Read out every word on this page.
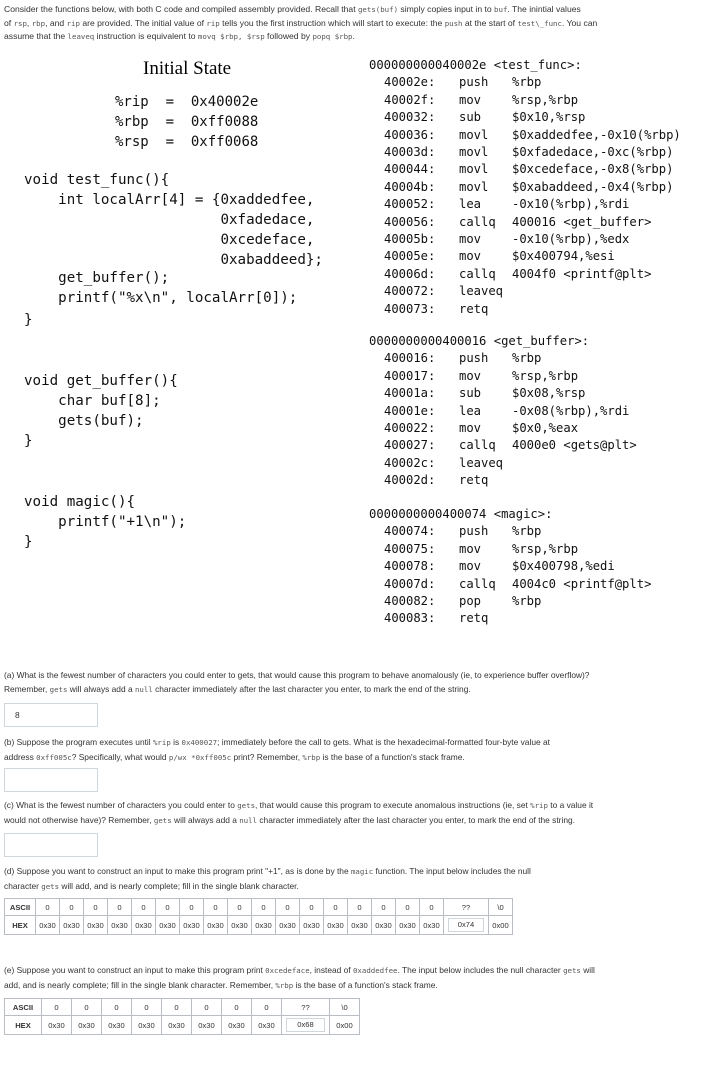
Consider the functions below, with both C code and compiled assembly provided. Recall that gets(buf) simply copies input in to buf. The inintial values
of rsp, rbp, and rip are provided. The initial value of rip tells you the first instruction which will start to execute: the push at the start of test\_func. You can
assume that the leaveq instruction is equivalent to movq $rbp, $rsp followed by popq $rbp.
Initial State
%rip = 0x40002e
%rbp = 0xff0088
%rsp = 0xff0068
void test_func(){
int localArr[4] = {0xaddedfee,
0xfadedace,
0xcedeface,
0xabaddeed};
get_buffer();
printf("%x\n", localArr[0]);
}
void get_buffer(){
char buf[8];
gets(buf);
}
void magic(){
printf("+1\n");
}
000000000040002e <test_func>:
40002e: push %rbp
40002f: mov	%rsp,%rbp
400032: sub	$0x10,%rsp
400036: movl $0xaddedfee,-0x10(%rbp)
40003d: movl $0xfadedace,-0xc(%rbp)
400044: movl $0xcedeface,-0x8(%rbp)
40004b: movl $0xabaddeed,-0x4(%rbp)
400052: lea	-0x10(%rbp),%rdi
400056: callq 400016 <get_buffer>
40005b: mov	-0x10(%rbp),%edx
40005e: mov	$0x400794,%esi
40006d: callq 4004f0 <printf@plt>
400072: leaveq
400073: retq
0000000000400016 <get_buffer>:
400016: push %rbp
400017: mov	%rsp,%rbp
40001a: sub	$0x08,%rsp
40001e: lea	-0x08(%rbp),%rdi
400022: mov	$0x0,%eax
400027: callq 4000e0 <gets@plt>
40002c: leaveq
40002d: retq
0000000000400074 <magic>:
400074: push %rbp
400075: mov	%rsp,%rbp
400078: mov	$0x400798,%edi
40007d: callq 4004c0 <printf@plt>
400082: pop	%rbp
400083: retq
(a) What is the fewest number of characters you could enter to gets, that would cause this program to behave anomalously (ie, to experience buffer overflow)?
Remember, gets will always add a null character immediately after the last character you enter, to mark the end of the string.
8
(b) Suppose the program executes until %rip is 0x400027; immediately before the call to gets. What is the hexadecimal-formatted four-byte value at
address 0xff005c? Specifically, what would p/wx *0xff005c print? Remember, %rbp is the base of a function's stack frame.
(c) What is the fewest number of characters you could enter to gets, that would cause this program to execute anomalous instructions (ie, set %rip to a value it
would not otherwise have)? Remember, gets will always add a null character immediately after the last character you enter, to mark the end of the string.
(d) Suppose you want to construct an input to make this program print "+1", as is done by the magic function. The input below includes the null
character gets will add, and is nearly complete; fill in the single blank character.
ASCII	0	0	0	0	0	0	0	0	0	0	0	0	0	0	0	0	0	??	\0
HEX	0x30	0x30	0x30	0x30	0x30	0x30	0x30	0x30	0x30	0x30	0x30	0x30	0x30	0x30	0x30	0x30	0x30	0x74	0x00
(e) Suppose you want to construct an input to make this program print 0xcedeface, instead of 0xaddedfee. The input below includes the null character gets will
add, and is nearly complete; fill in the single blank character. Remember, %rbp is the base of a function's stack frame.
ASCII	0	0	0	0	0	0	0	0	??	\0
HEX	0x30	0x30	0x30	0x30	0x30	0x30	0x30	0x30	0x68	0x00
